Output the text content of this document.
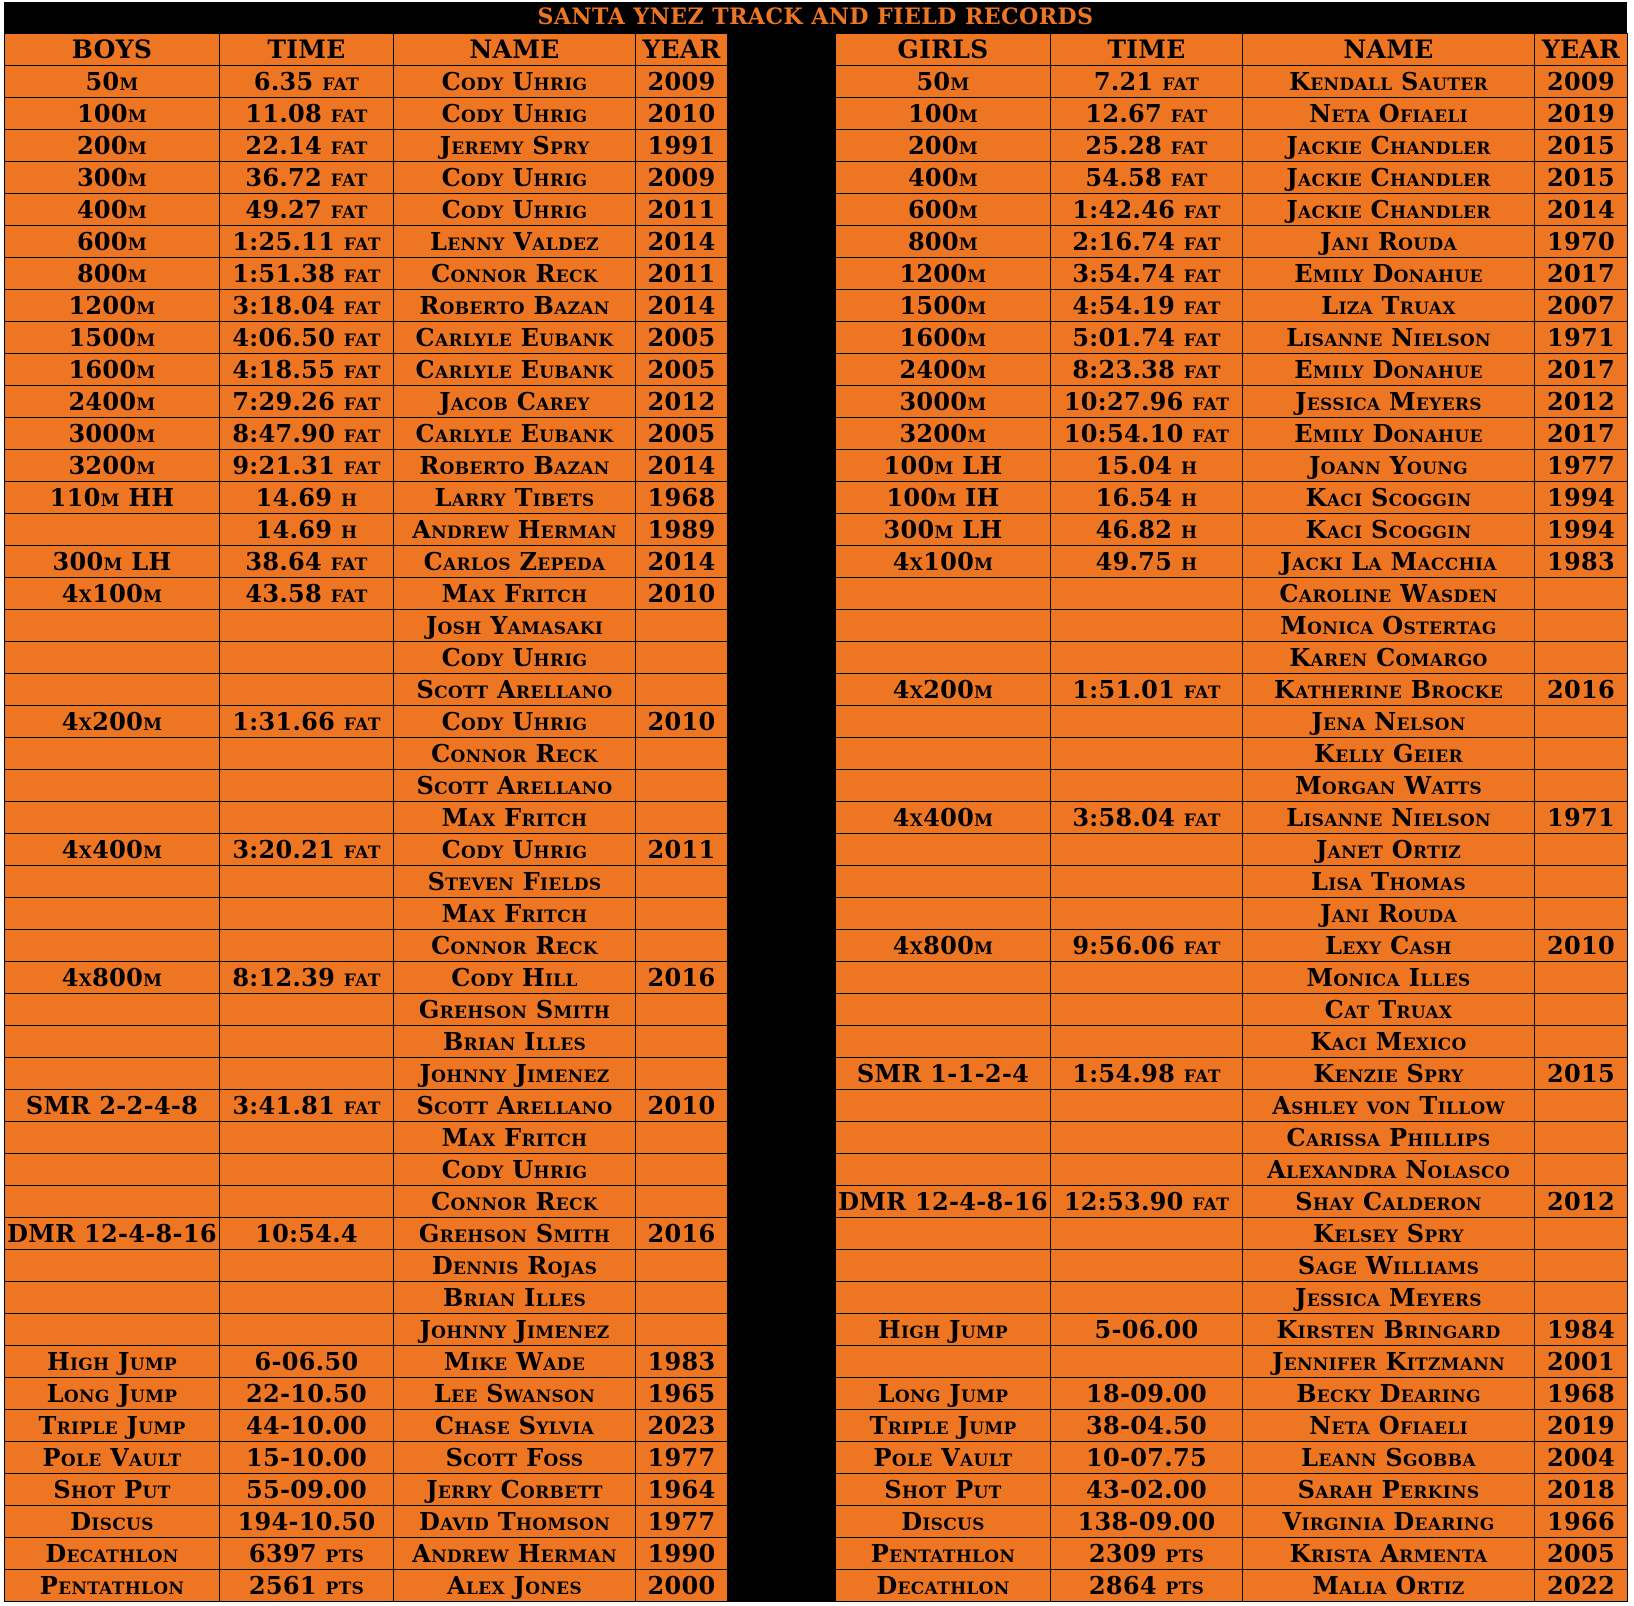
SANTA YNEZ TRACK AND FIELD RECORDS
BOYS	TIME	NAME	YEAR		GIRLS	TIME	NAME	YEAR
50m	6.35 fat	Cody Uhrig	2009		50m	7.21 fat	Kendall Sauter	2009
100m	11.08 fat	Cody Uhrig	2010		100m	12.67 fat	Neta Ofiaeli	2019
200m	22.14 fat	Jeremy Spry	1991		200m	25.28 fat	Jackie Chandler	2015
300m	36.72 fat	Cody Uhrig	2009		400m	54.58 fat	Jackie Chandler	2015
400m	49.27 fat	Cody Uhrig	2011		600m	1:42.46 fat	Jackie Chandler	2014
600m	1:25.11 fat	Lenny Valdez	2014		800m	2:16.74 fat	Jani Rouda	1970
800m	1:51.38 fat	Connor Reck	2011		1200m	3:54.74 fat	Emily Donahue	2017
1200m	3:18.04 fat	Roberto Bazan	2014		1500m	4:54.19 fat	Liza Truax	2007
1500m	4:06.50 fat	Carlyle Eubank	2005		1600m	5:01.74 fat	Lisanne Nielson	1971
1600m	4:18.55 fat	Carlyle Eubank	2005		2400m	8:23.38 fat	Emily Donahue	2017
2400m	7:29.26 fat	Jacob Carey	2012		3000m	10:27.96 fat	Jessica Meyers	2012
3000m	8:47.90 fat	Carlyle Eubank	2005		3200m	10:54.10 fat	Emily Donahue	2017
3200m	9:21.31 fat	Roberto Bazan	2014		100m LH	15.04 h	Joann Young	1977
110m HH	14.69 h	Larry Tibets	1968		100m IH	16.54 h	Kaci Scoggin	1994
	14.69 h	Andrew Herman	1989		300m LH	46.82 h	Kaci Scoggin	1994
300m LH	38.64 fat	Carlos Zepeda	2014		4x100m	49.75 h	Jacki La Macchia	1983
4x100m	43.58 fat	Max Fritch	2010				Caroline Wasden	
		Josh Yamasaki					Monica Ostertag	
		Cody Uhrig					Karen Comargo	
		Scott Arellano			4x200m	1:51.01 fat	Katherine Brocke	2016
4x200m	1:31.66 fat	Cody Uhrig	2010				Jena Nelson	
		Connor Reck					Kelly Geier	
		Scott Arellano					Morgan Watts	
		Max Fritch			4x400m	3:58.04 fat	Lisanne Nielson	1971
4x400m	3:20.21 fat	Cody Uhrig	2011				Janet Ortiz	
		Steven Fields					Lisa Thomas	
		Max Fritch					Jani Rouda	
		Connor Reck			4x800m	9:56.06 fat	Lexy Cash	2010
4x800m	8:12.39 fat	Cody Hill	2016				Monica Illes	
		Grehson Smith					Cat Truax	
		Brian Illes					Kaci Mexico	
		Johnny Jimenez			SMR 1-1-2-4	1:54.98 fat	Kenzie Spry	2015
SMR 2-2-4-8	3:41.81 fat	Scott Arellano	2010				Ashley von Tillow	
		Max Fritch					Carissa Phillips	
		Cody Uhrig					Alexandra Nolasco	
		Connor Reck			DMR 12-4-8-16	12:53.90 fat	Shay Calderon	2012
DMR 12-4-8-16	10:54.4	Grehson Smith	2016				Kelsey Spry	
		Dennis Rojas					Sage Williams	
		Brian Illes					Jessica Meyers	
		Johnny Jimenez			High Jump	5-06.00	Kirsten Bringard	1984
High Jump	6-06.50	Mike Wade	1983				Jennifer Kitzmann	2001
Long Jump	22-10.50	Lee Swanson	1965		Long Jump	18-09.00	Becky Dearing	1968
Triple Jump	44-10.00	Chase Sylvia	2023		Triple Jump	38-04.50	Neta Ofiaeli	2019
Pole Vault	15-10.00	Scott Foss	1977		Pole Vault	10-07.75	Leann Sgobba	2004
Shot Put	55-09.00	Jerry Corbett	1964		Shot Put	43-02.00	Sarah Perkins	2018
Discus	194-10.50	David Thomson	1977		Discus	138-09.00	Virginia Dearing	1966
Decathlon	6397 pts	Andrew Herman	1990		Pentathlon	2309 pts	Krista Armenta	2005
Pentathlon	2561 pts	Alex Jones	2000		Decathlon	2864 pts	Malia Ortiz	2022
